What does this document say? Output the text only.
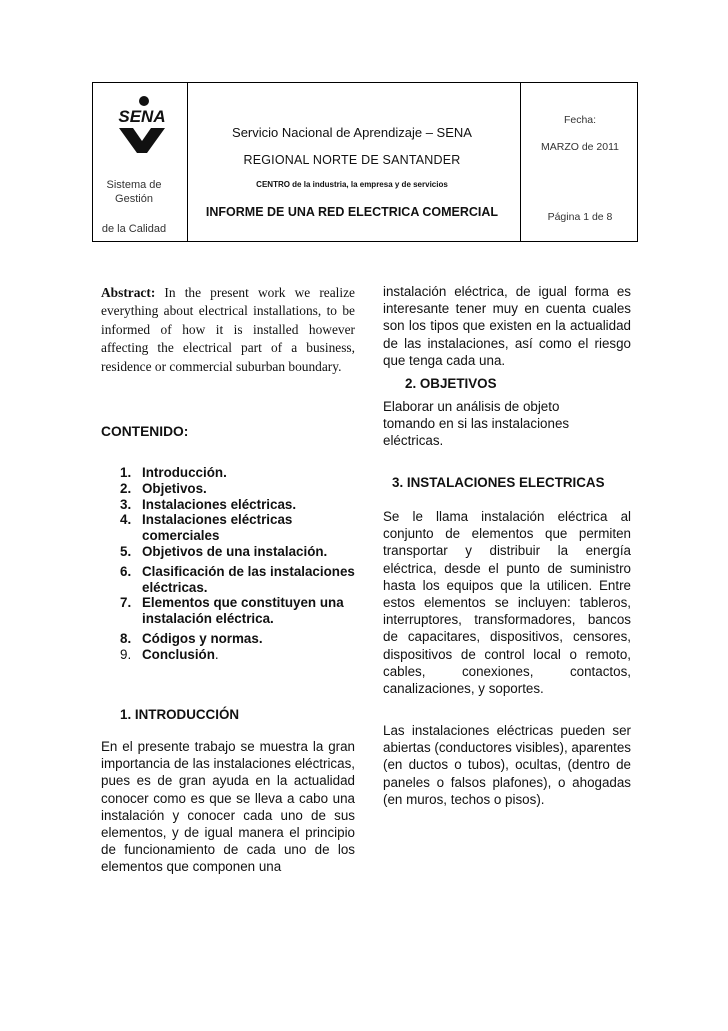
SENA
Sistema de
Gestión
de la Calidad
Servicio Nacional de Aprendizaje – SENA
REGIONAL NORTE DE SANTANDER
CENTRO de la industria, la empresa y de servicios
INFORME DE UNA RED ELECTRICA COMERCIAL
Fecha:
MARZO de 2011
Página 1 de 8
Abstract: In the present work we realize everything about electrical installations, to be informed of how it is installed however affecting the electrical part of a business, residence or commercial suburban boundary.
CONTENIDO:
1. Introducción.
2. Objetivos.
3. Instalaciones eléctricas.
4. Instalaciones eléctricas comerciales
5. Objetivos de una instalación.
6. Clasificación de las instalaciones eléctricas.
7. Elementos que constituyen una instalación eléctrica.
8. Códigos y normas.
9. Conclusión.
1. INTRODUCCIÓN
En el presente trabajo se muestra la gran importancia de las instalaciones eléctricas, pues es de gran ayuda en la actualidad conocer como es que se lleva a cabo una instalación y conocer cada uno de sus elementos, y de igual manera el principio de funcionamiento de cada uno de los elementos que componen una
instalación eléctrica, de igual forma es interesante tener muy en cuenta cuales son los tipos que existen en la actualidad de las instalaciones, así como el riesgo que tenga cada una.
2. OBJETIVOS
Elaborar un análisis de objeto tomando en si las instalaciones eléctricas.
3. INSTALACIONES ELECTRICAS
Se le llama instalación eléctrica al conjunto de elementos que permiten transportar y distribuir la energía eléctrica, desde el punto de suministro hasta los equipos que la utilicen. Entre estos elementos se incluyen: tableros, interruptores, transformadores, bancos de capacitares, dispositivos, censores, dispositivos de control local o remoto, cables, conexiones, contactos, canalizaciones, y soportes.
Las instalaciones eléctricas pueden ser abiertas (conductores visibles), aparentes (en ductos o tubos), ocultas, (dentro de paneles o falsos plafones), o ahogadas (en muros, techos o pisos).
